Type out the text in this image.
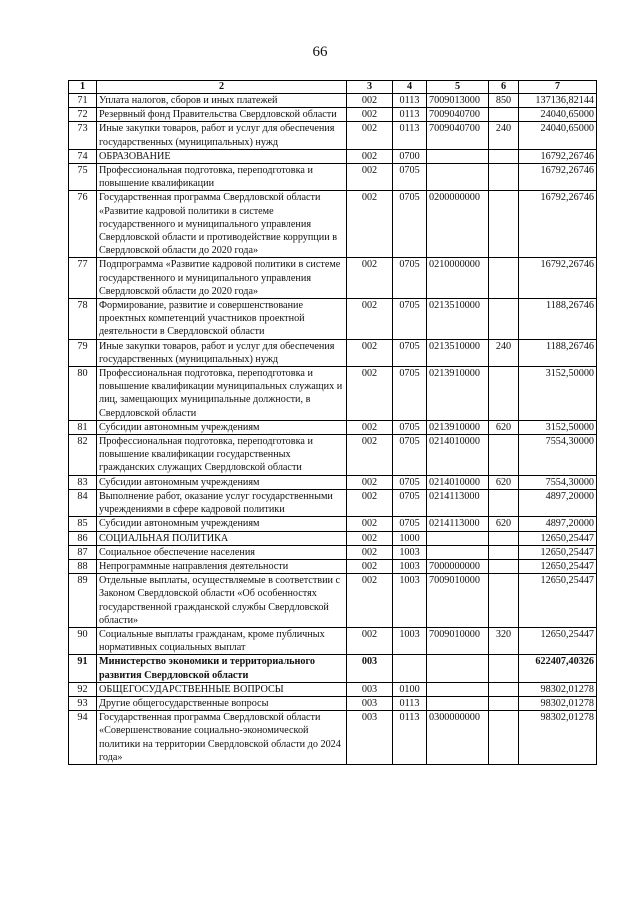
66
1	2	3	4	5	6	7
71	Уплата налогов, сборов и иных платежей	002	0113	7009013000	850	137136,82144
72	Резервный фонд Правительства Свердловской области	002	0113	7009040700		24040,65000
73	Иные закупки товаров, работ и услуг для обеспечения государственных (муниципальных) нужд	002	0113	7009040700	240	24040,65000
74	ОБРАЗОВАНИЕ	002	0700			16792,26746
75	Профессиональная подготовка, переподготовка и повышение квалификации	002	0705			16792,26746
76	Государственная программа Свердловской области «Развитие кадровой политики в системе государственного и муниципального управления Свердловской области и противодействие коррупции в Свердловской области до 2020 года»	002	0705	0200000000		16792,26746
77	Подпрограмма «Развитие кадровой политики в системе государственного и муниципального управления Свердловской области до 2020 года»	002	0705	0210000000		16792,26746
78	Формирование, развитие и совершенствование проектных компетенций участников проектной деятельности в Свердловской области	002	0705	0213510000		1188,26746
79	Иные закупки товаров, работ и услуг для обеспечения государственных (муниципальных) нужд	002	0705	0213510000	240	1188,26746
80	Профессиональная подготовка, переподготовка и повышение квалификации муниципальных служащих и лиц, замещающих муниципальные должности, в Свердловской области	002	0705	0213910000		3152,50000
81	Субсидии автономным учреждениям	002	0705	0213910000	620	3152,50000
82	Профессиональная подготовка, переподготовка и повышение квалификации государственных гражданских служащих Свердловской области	002	0705	0214010000		7554,30000
83	Субсидии автономным учреждениям	002	0705	0214010000	620	7554,30000
84	Выполнение работ, оказание услуг государственными учреждениями в сфере кадровой политики	002	0705	0214113000		4897,20000
85	Субсидии автономным учреждениям	002	0705	0214113000	620	4897,20000
86	СОЦИАЛЬНАЯ ПОЛИТИКА	002	1000			12650,25447
87	Социальное обеспечение населения	002	1003			12650,25447
88	Непрограммные направления деятельности	002	1003	7000000000		12650,25447
89	Отдельные выплаты, осуществляемые в соответствии с Законом Свердловской области «Об особенностях государственной гражданской службы Свердловской области»	002	1003	7009010000		12650,25447
90	Социальные выплаты гражданам, кроме публичных нормативных социальных выплат	002	1003	7009010000	320	12650,25447
91	Министерство экономики и территориального развития Свердловской области	003				622407,40326
92	ОБЩЕГОСУДАРСТВЕННЫЕ ВОПРОСЫ	003	0100			98302,01278
93	Другие общегосударственные вопросы	003	0113			98302,01278
94	Государственная программа Свердловской области «Совершенствование социально-экономической политики на территории Свердловской области до 2024 года»	003	0113	0300000000		98302,01278
